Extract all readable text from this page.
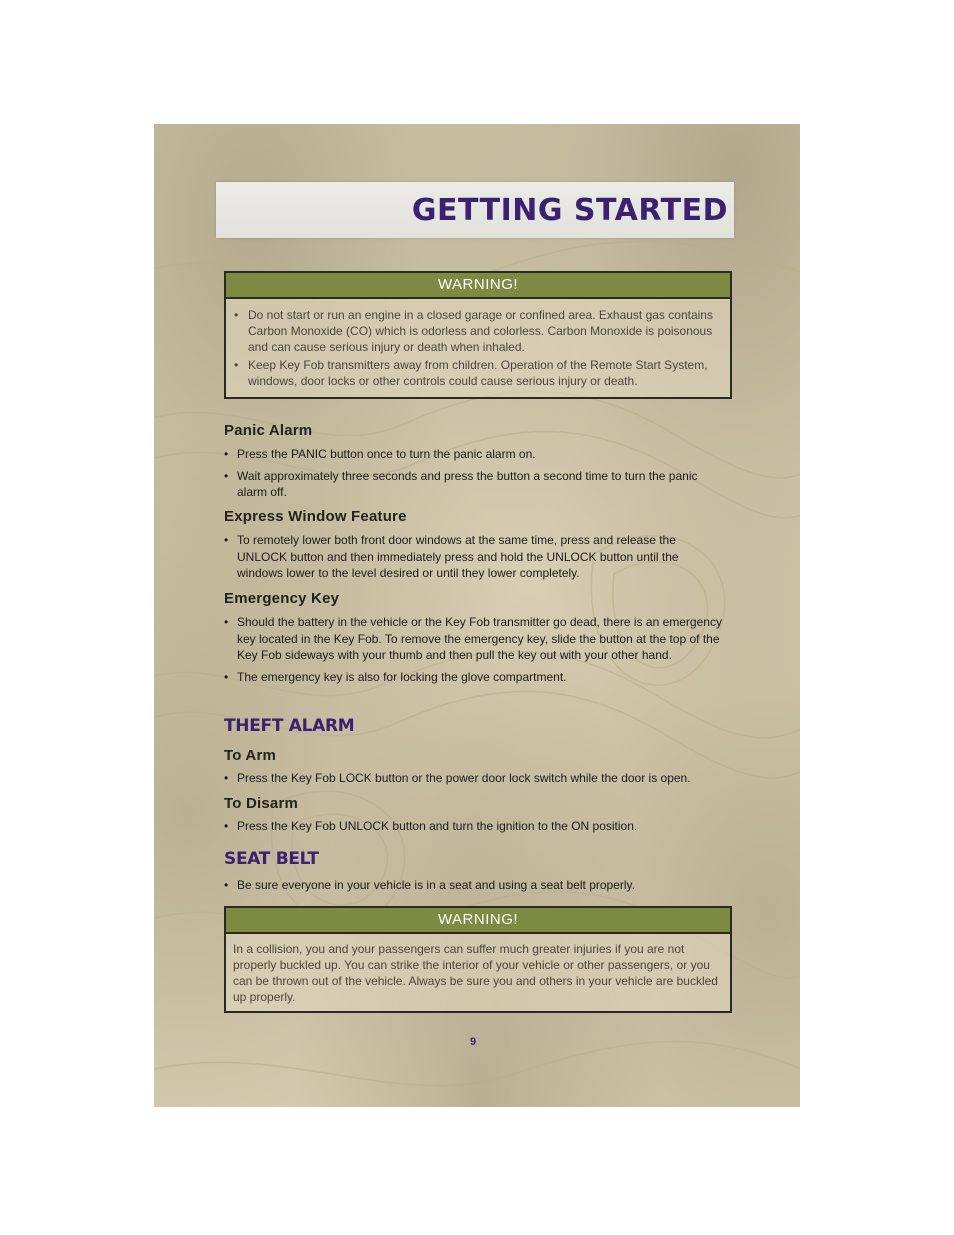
GETTING STARTED
WARNING!
• Do not start or run an engine in a closed garage or confined area. Exhaust gas contains Carbon Monoxide (CO) which is odorless and colorless. Carbon Monoxide is poisonous and can cause serious injury or death when inhaled.
• Keep Key Fob transmitters away from children. Operation of the Remote Start System, windows, door locks or other controls could cause serious injury or death.
Panic Alarm
• Press the PANIC button once to turn the panic alarm on.
• Wait approximately three seconds and press the button a second time to turn the panic alarm off.
Express Window Feature
• To remotely lower both front door windows at the same time, press and release the UNLOCK button and then immediately press and hold the UNLOCK button until the windows lower to the level desired or until they lower completely.
Emergency Key
• Should the battery in the vehicle or the Key Fob transmitter go dead, there is an emergency key located in the Key Fob. To remove the emergency key, slide the button at the top of the Key Fob sideways with your thumb and then pull the key out with your other hand.
• The emergency key is also for locking the glove compartment.
THEFT ALARM
To Arm
• Press the Key Fob LOCK button or the power door lock switch while the door is open.
To Disarm
• Press the Key Fob UNLOCK button and turn the ignition to the ON position.
SEAT BELT
• Be sure everyone in your vehicle is in a seat and using a seat belt properly.
WARNING!

In a collision, you and your passengers can suffer much greater injuries if you are not properly buckled up. You can strike the interior of your vehicle or other passengers, or you can be thrown out of the vehicle. Always be sure you and others in your vehicle are buckled up properly.

9
